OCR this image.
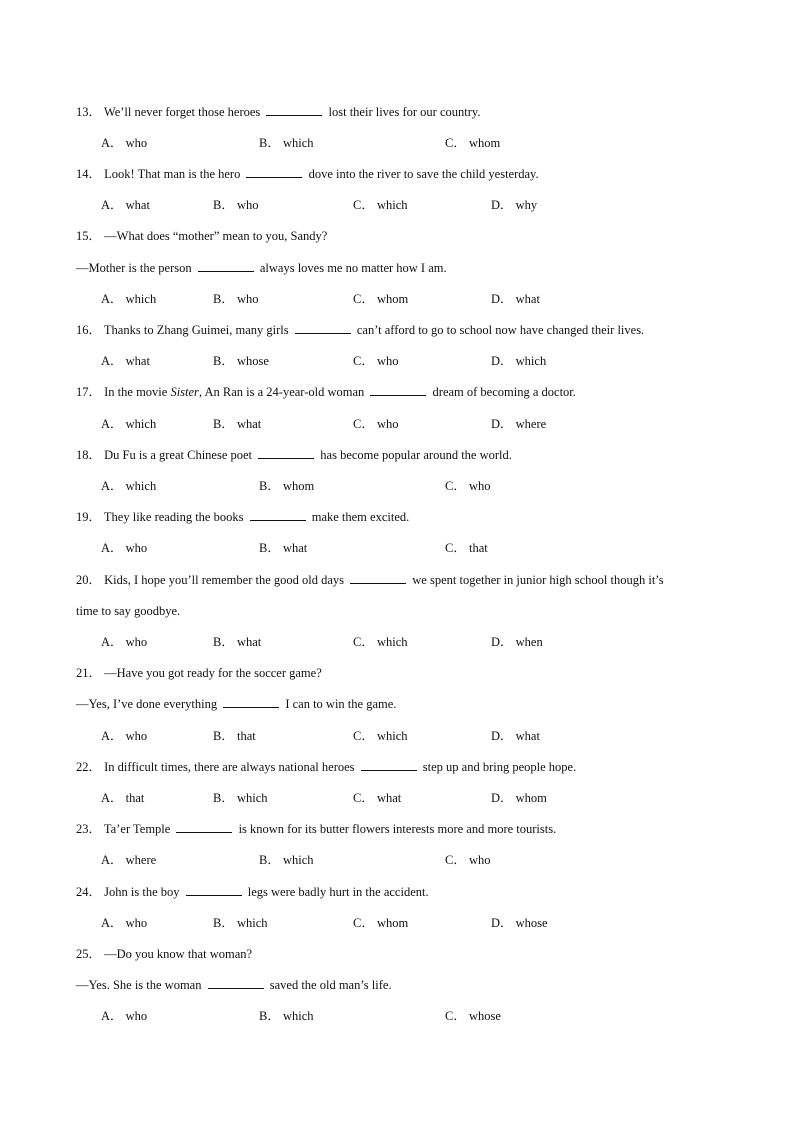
13． We’ll never forget those heroes	lost their lives for our country.
A． who	B． which	C． whom
14． Look! That man is the hero	dove into the river to save the child yesterday.
A． what	B． who	C． which	D． why
15． —What does “mother” mean to you, Sandy?
—Mother is the person	always loves me no matter how I am.
A． which	B． who	C． whom	D． what
16． Thanks to Zhang Guimei, many girls	can’t afford to go to school now have changed their lives.
A． what	B． whose	C． who	D． which
17． In the movie Sister, An Ran is a 24-year-old woman	dream of becoming a doctor.
A． which	B． what	C． who	D． where
18． Du Fu is a great Chinese poet	has become popular around the world.
A． which	B． whom	C． who
19． They like reading the books	make them excited.
A． who	B． what	C． that
20． Kids, I hope you’ll remember the good old days	we spent together in junior high school though it’s
time to say goodbye.
A． who	B． what	C． which	D． when
21． —Have you got ready for the soccer game?
—Yes, I’ve done everything	I can to win the game.
A． who	B． that	C． which	D． what
22． In difficult times, there are always national heroes	step up and bring people hope.
A． that	B． which	C． what	D． whom
23． Ta’er Temple	is known for its butter flowers interests more and more tourists.
A． where	B． which	C． who
24． John is the boy	legs were badly hurt in the accident.
A． who	B． which	C． whom	D． whose
25． —Do you know that woman?
—Yes. She is the woman	saved the old man’s life.
A． who	B． which	C． whose
